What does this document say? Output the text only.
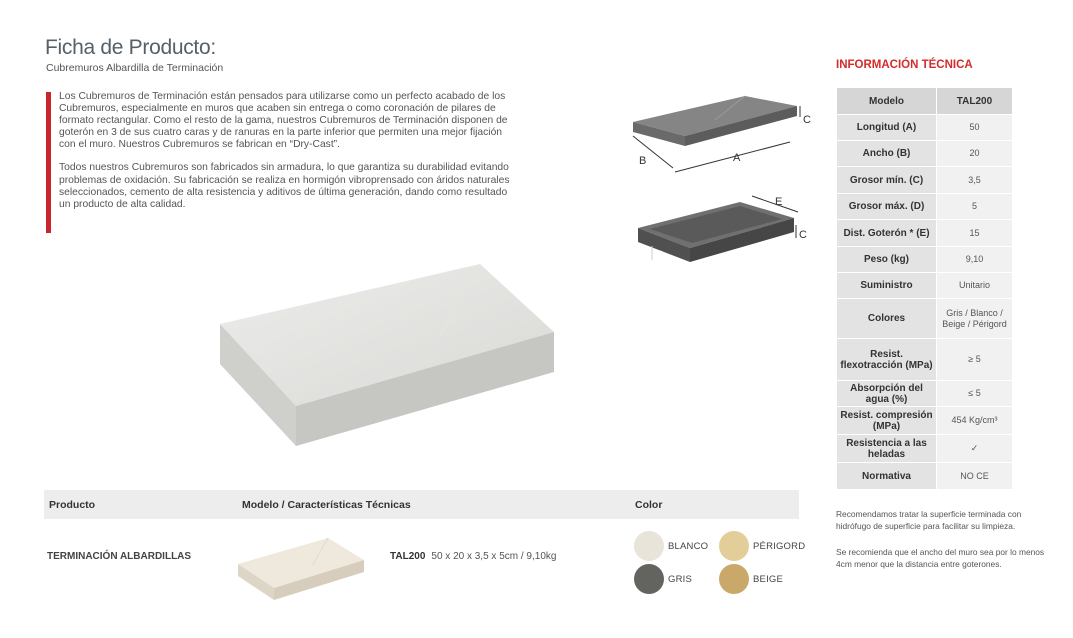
Ficha de Producto:
Cubremuros Albardilla de Terminación

Los Cubremuros de Terminación están pensados para utilizarse como un perfecto acabado de los Cubremuros, especialmente en muros que acaben sin entrega o como coronación de pilares de formato rectangular. Como el resto de la gama, nuestros Cubremuros de Terminación disponen de goterón en 3 de sus cuatro caras y de ranuras en la parte inferior que permiten una mejor fijación con el muro. Nuestros Cubremuros se fabrican en “Dry-Cast”.

Todos nuestros Cubremuros son fabricados sin armadura, lo que garantiza su durabilidad evitando problemas de oxidación. Su fabricación se realiza en hormigón vibroprensado con áridos naturales seleccionados, cemento de alta resistencia y aditivos de última generación, dando como resultado un producto de alta calidad.

C
B	A
E
C
D
INFORMACIÓN TÉCNICA
Modelo	TAL200
Longitud (A)	50
Ancho (B)	20
Grosor mín. (C)	3,5
Grosor máx. (D)	5
Dist. Goterón * (E)	15
Peso (kg)	9,10
Suministro	Unitario
Colores	Gris / Blanco / Beige / Périgord
Resist. flexotracción (MPa)	≥ 5
Absorpción del agua (%)	≤ 5
Resist. compresión (MPa)	454 Kg/cm³
Resistencia a las heladas	✓
Normativa	NO CE
Recomendamos tratar la superficie terminada con hidrófugo de superficie para facilitar su limpieza.
Se recomienda que el ancho del muro sea por lo menos 4cm menor que la distancia entre goterones.
Producto	Modelo / Características Técnicas	Color
TERMINACIÓN ALBARDILLAS	TAL200 50 x 20 x 3,5 x 5cm / 9,10kg
BLANCO	PÉRIGORD
GRIS	BEIGE
